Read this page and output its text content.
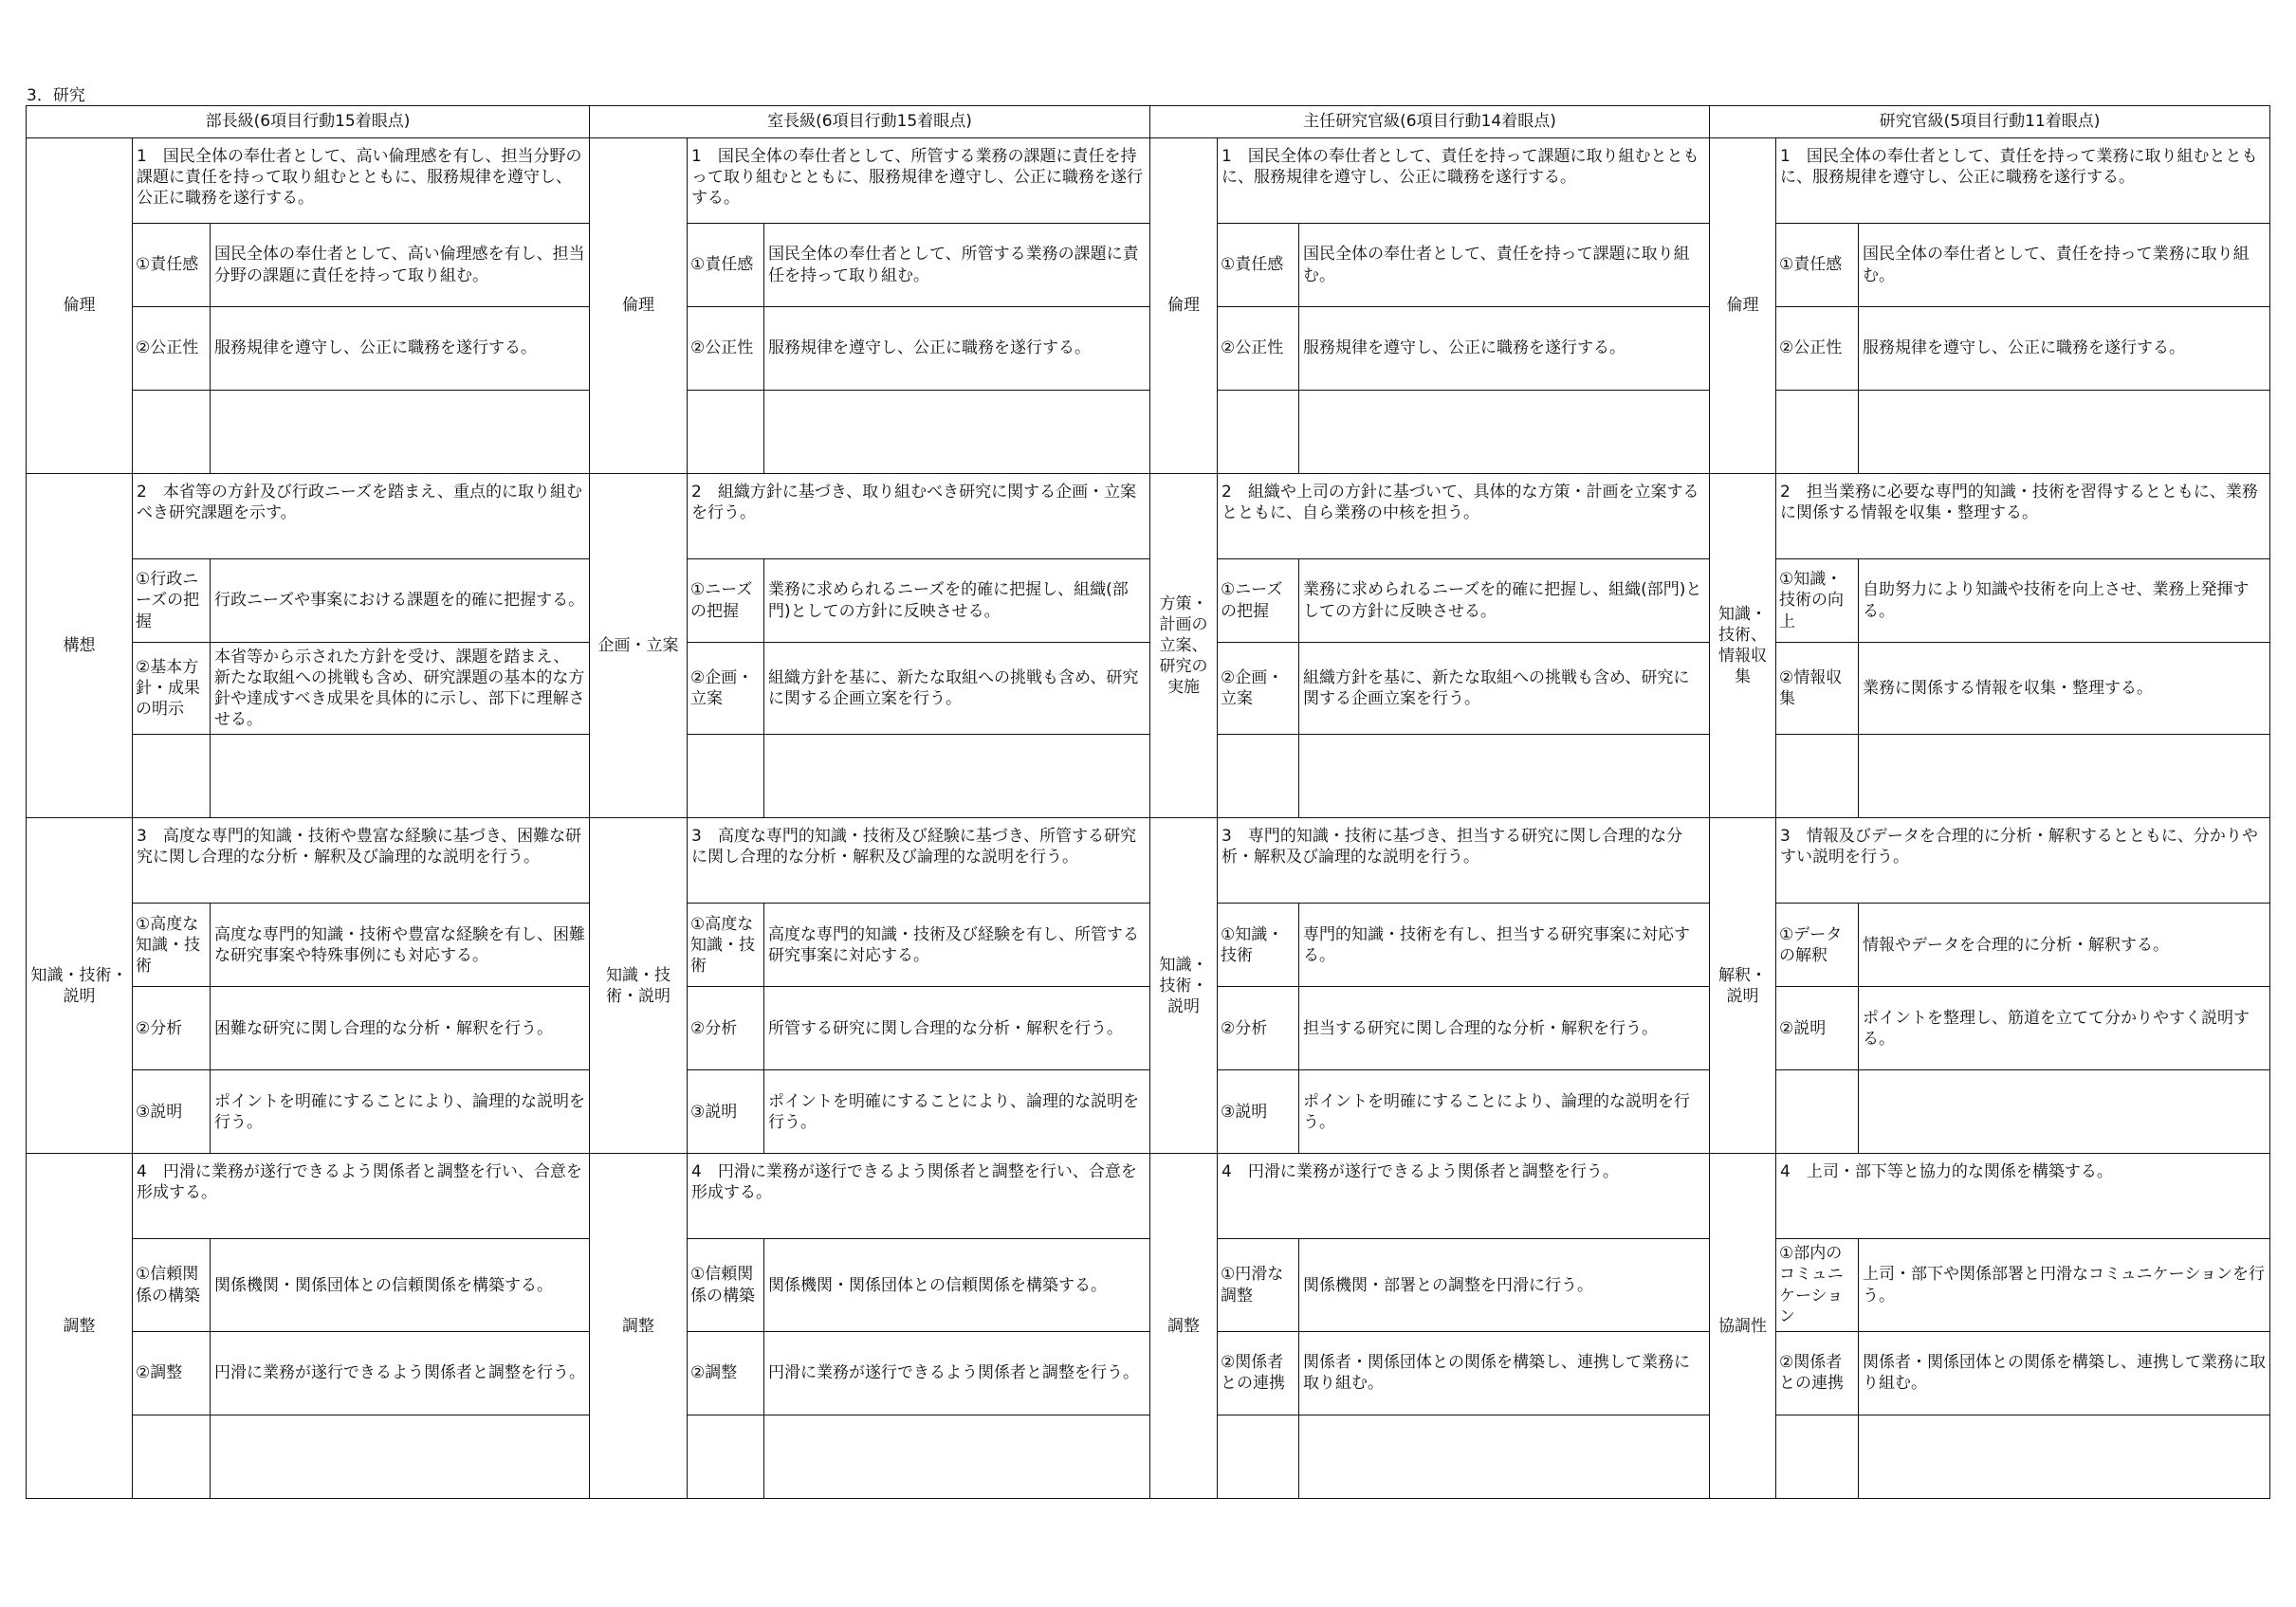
3．研究
部長級(6項目行動15着眼点)			室長級(6項目行動15着眼点)			主任研究官級(6項目行動14着眼点)			研究官級(5項目行動11着眼点)		
倫理	1　国民全体の奉仕者として、高い倫理感を有し、担当分野の課題に責任を持って取り組むとともに、服務規律を遵守し、公正に職務を遂行する。		倫理	1　国民全体の奉仕者として、所管する業務の課題に責任を持って取り組むとともに、服務規律を遵守し、公正に職務を遂行する。		倫理	1　国民全体の奉仕者として、責任を持って課題に取り組むとともに、服務規律を遵守し、公正に職務を遂行する。		倫理	1　国民全体の奉仕者として、責任を持って業務に取り組むとともに、服務規律を遵守し、公正に職務を遂行する。	
	①責任感	国民全体の奉仕者として、高い倫理感を有し、担当分野の課題に責任を持って取り組む。		①責任感	国民全体の奉仕者として、所管する業務の課題に責任を持って取り組む。		①責任感	国民全体の奉仕者として、責任を持って課題に取り組む。		①責任感	国民全体の奉仕者として、責任を持って業務に取り組む。
	②公正性	服務規律を遵守し、公正に職務を遂行する。		②公正性	服務規律を遵守し、公正に職務を遂行する。		②公正性	服務規律を遵守し、公正に職務を遂行する。		②公正性	服務規律を遵守し、公正に職務を遂行する。

構想	2　本省等の方針及び行政ニーズを踏まえ、重点的に取り組むべき研究課題を示す。		企画・立案	2　組織方針に基づき、取り組むべき研究に関する企画・立案を行う。		方策・計画の立案、研究の実施	2　組織や上司の方針に基づいて、具体的な方策・計画を立案するとともに、自ら業務の中核を担う。		知識・技術、情報収集	2　担当業務に必要な専門的知識・技術を習得するとともに、業務に関係する情報を収集・整理する。	
	①行政ニーズの把握	行政ニーズや事案における課題を的確に把握する。		①ニーズの把握	業務に求められるニーズを的確に把握し、組織(部門)としての方針に反映させる。		①ニーズの把握	業務に求められるニーズを的確に把握し、組織(部門)としての方針に反映させる。		①知識・技術の向上	自助努力により知識や技術を向上させ、業務上発揮する。
	②基本方針・成果の明示	本省等から示された方針を受け、課題を踏まえ、新たな取組への挑戦も含め、研究課題の基本的な方針や達成すべき成果を具体的に示し、部下に理解させる。		②企画・立案	組織方針を基に、新たな取組への挑戦も含め、研究に関する企画立案を行う。		②企画・立案	組織方針を基に、新たな取組への挑戦も含め、研究に関する企画立案を行う。		②情報収集	業務に関係する情報を収集・整理する。

知識・技術・説明	3　高度な専門的知識・技術や豊富な経験に基づき、困難な研究に関し合理的な分析・解釈及び論理的な説明を行う。		知識・技術・説明	3　高度な専門的知識・技術及び経験に基づき、所管する研究に関し合理的な分析・解釈及び論理的な説明を行う。		知識・技術・説明	3　専門的知識・技術に基づき、担当する研究に関し合理的な分析・解釈及び論理的な説明を行う。		解釈・説明	3　情報及びデータを合理的に分析・解釈するとともに、分かりやすい説明を行う。	
	①高度な知識・技術	高度な専門的知識・技術や豊富な経験を有し、困難な研究事案や特殊事例にも対応する。		①高度な知識・技術	高度な専門的知識・技術及び経験を有し、所管する研究事案に対応する。		①知識・技術	専門的知識・技術を有し、担当する研究事案に対応する。		①データの解釈	情報やデータを合理的に分析・解釈する。
	②分析	困難な研究に関し合理的な分析・解釈を行う。		②分析	所管する研究に関し合理的な分析・解釈を行う。		②分析	担当する研究に関し合理的な分析・解釈を行う。		②説明	ポイントを整理し、筋道を立てて分かりやすく説明する。
	③説明	ポイントを明確にすることにより、論理的な説明を行う。		③説明	ポイントを明確にすることにより、論理的な説明を行う。		③説明	ポイントを明確にすることにより、論理的な説明を行う。			
調整	4　円滑に業務が遂行できるよう関係者と調整を行い、合意を形成する。		調整	4　円滑に業務が遂行できるよう関係者と調整を行い、合意を形成する。		調整	4　円滑に業務が遂行できるよう関係者と調整を行う。		協調性	4　上司・部下等と協力的な関係を構築する。	
	①信頼関係の構築	関係機関・関係団体との信頼関係を構築する。		①信頼関係の構築	関係機関・関係団体との信頼関係を構築する。		①円滑な調整	関係機関・部署との調整を円滑に行う。		①部内のコミュニケーション	上司・部下や関係部署と円滑なコミュニケーションを行う。
	②調整	円滑に業務が遂行できるよう関係者と調整を行う。		②調整	円滑に業務が遂行できるよう関係者と調整を行う。		②関係者との連携	関係者・関係団体との関係を構築し、連携して業務に取り組む。		②関係者との連携	関係者・関係団体との関係を構築し、連携して業務に取り組む。
